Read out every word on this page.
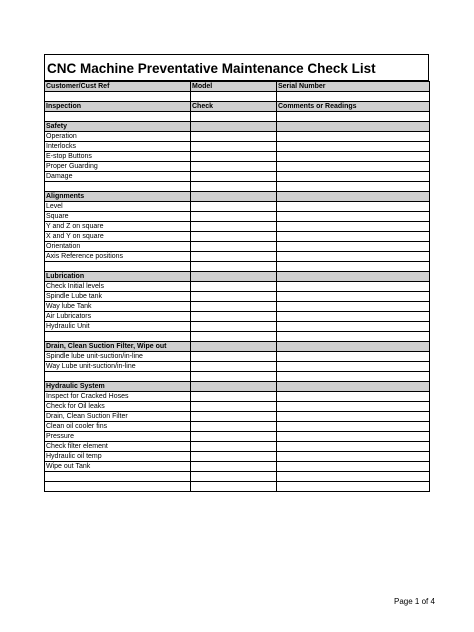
CNC Machine Preventative Maintenance Check List
Customer/Cust Ref	Model	Serial Number

Inspection	Check	Comments or Readings

Safety		
Operation		
Interlocks		
E-stop Buttons		
Proper Guarding		
Damage		

Alignments		
Level		
Square		
Y and Z on square		
X and Y on square		
Orientation		
Axis Reference positions		

Lubrication		
Check Initial levels		
Spindle Lube tank		
Way lube Tank		
Air Lubricators		
Hydraulic Unit		

Drain, Clean Suction Filter, Wipe out		
Spindle lube unit-suction/in-line		
Way Lube unit-suction/in-line		

Hydraulic System		
Inspect for Cracked Hoses		
Check for Oil leaks		
Drain, Clean Suction Filter		
Clean oil cooler fins		
Pressure		
Check filter element		
Hydraulic oil temp		
Wipe out Tank		

Page 1 of 4
